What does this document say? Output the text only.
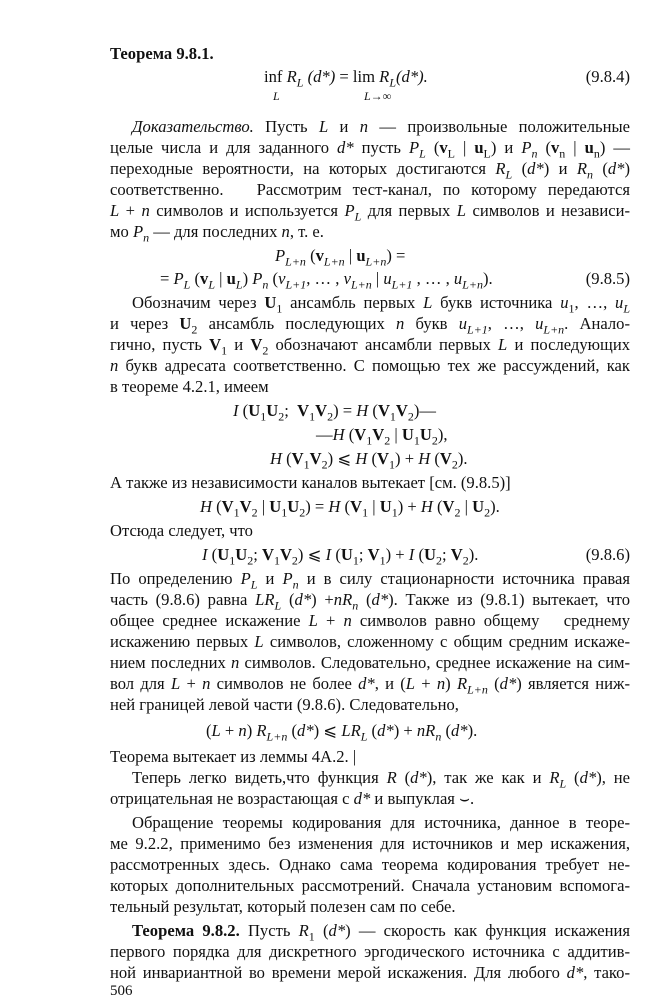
Теорема 9.8.1.
inf $R_L$ $(d*) = \lim R_L(d*)$.
L	L→∞
(9.8.4)
Доказательство. Пусть L и n — произвольные положительные
целые числа и для заданного d* пусть $P_L$ ($v_L$ | $u_L$) и $P_n$ ($v_n$ | $u_n$) —
переходные вероятности, на которых достигаются $R_L$ (d*) и $R_n$ (d*)
соответственно.   Рассмотрим тест-канал, по которому передаются
L + n символов и используется $P_L$ для первых L символов и независи-
мо $P_n$ — для последних n, т. е.
$P_{L+n}$ ($v_{L+n}$ | $u_{L+n}$) =
= $P_L$ ($v_L$ | $u_L$) $P_n$ ($v_{L+1}$, … , $v_{L+n}$ | $u_{L+1}$ , … , $u_{L+n}$).	(9.8.5)
Обозначим через $U_1$ ансамбль первых L букв источника $u_1$, …, $u_L$
и через $U_2$ ансамбль последующих n букв $u_{L+1}$, …, $u_{L+n}$. Анало-
гично, пусть $V_1$ и $V_2$ обозначают ансамбли первых L и последующих
n букв адресата соответственно. С помощью тех же рассуждений, как
в теореме 4.2.1, имеем
I ($U_1U_2$;  $V_1V_2) = H$ $(V_1V_2)—$
—H ($V_1V_2$ | $U_1U_2$),
H $(V_1V_2)$ ⩽ H $(V_1) + H$ $(V_2)$.
А также из независимости каналов вытекает [см. (9.8.5)]
H ($V_1V_2$ | $U_1U_2) = H$ ($V_1$ | $U_1) + H$ ($V_2$ | $U_2$).
Отсюда следует, что
I ($U_1U_2$; $V_1V_2$) ⩽ I ($U_1$; $V_1) + I$ ($U_2$; $V_2$).	(9.8.6)
По определению $P_L$ и $P_n$ и в силу стационарности источника правая
часть (9.8.6) равна $LR_L$ $(d*) +nR_n$ (d*). Также из (9.8.1) вытекает, что
общее среднее искажение L + n символов равно общему   среднему
искажению первых L символов, сложенному с общим средним искаже-
нием последних n символов. Следовательно, среднее искажение на сим-
вол для L + n символов не более d*, и (L + n) $R_{L+n}$ (d*) является ниж-
ней границей левой части (9.8.6). Следовательно,
(L + n) $R_{L+n}$ (d*) ⩽ $LR_L$ $(d*) + nR_n$ (d*).
Теорема вытекает из леммы 4А.2. |
Теперь легко видеть,что функция R (d*), так же как и $R_L$ (d*), не
отрицательная не возрастающая с d* и выпуклая ⌣.
Обращение теоремы кодирования для источника, данное в теоре-
ме 9.2.2, применимо без изменения для источников и мер искажения,
рассмотренных здесь. Однако сама теорема кодирования требует не-
которых дополнительных рассмотрений. Сначала установим вспомога-
тельный результат, который полезен сам по себе.
Теорема 9.8.2. Пусть $R_1$ (d*) — скорость как функция искажения
первого порядка для дискретного эргодического источника с аддитив-
ной инвариантной во времени мерой искажения. Для любого d*, тако-
506
